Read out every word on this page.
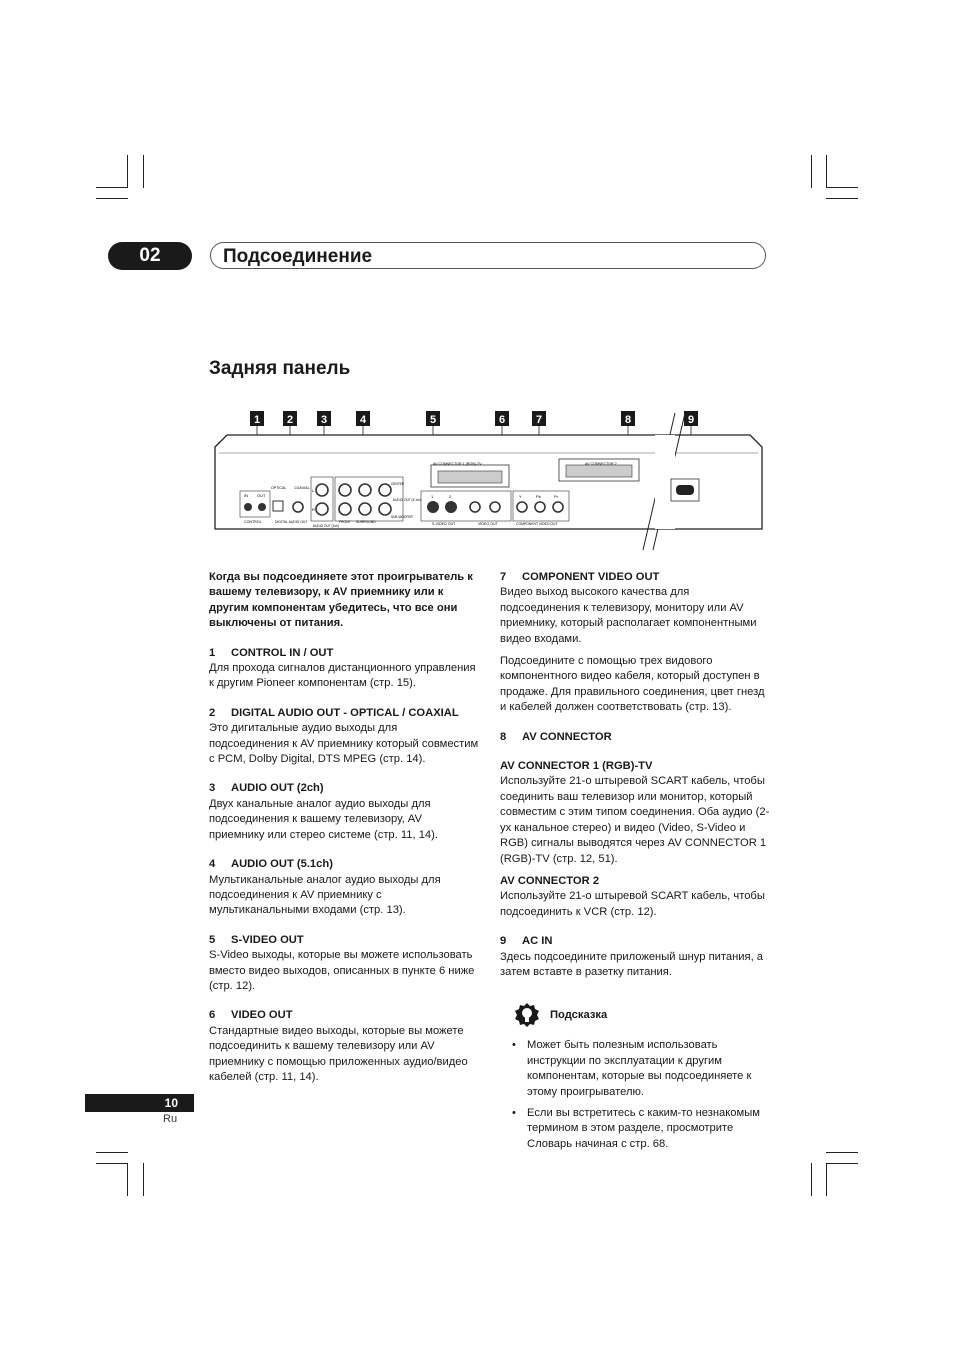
02	Подсоединение
Задняя панель
1 2	3	4	5	6	7	8	9
IN OUT
CONTROL
OPTICAL COAXIAL
DIGITAL AUDIO OUT
L
R
AUDIO OUT (2ch)
FRONT SURROUND
CENTER
SUB WOOFER
AUDIO OUT (5.1ch)
AV CONNECTOR 1 (RGB)-TV
1	2
S-VIDEO OUT	VIDEO OUT
Y	Pb	Pr
COMPONENT VIDEO OUT
AV CONNECTOR 2

Когда вы подсоединяете этот проигрыватель к вашему телевизору, к AV приемнику или к другим компонентам убедитесь, что все они выключены от питания.

1 CONTROL IN / OUT

Для прохода сигналов дистанционного управления к другим Pioneer компонентам (стр. 15).

2 DIGITAL AUDIO OUT - OPTICAL / COAXIAL

Это дигитальные аудио выходы для подсоединения к AV приемнику который совместим с PCM, Dolby Digital, DTS MPEG (стр. 14).

3 AUDIO OUT (2ch)

Двух канальные аналог аудио выходы для подсоединения к вашему телевизору, AV приемнику или стерео системе (стр. 11, 14).

4 AUDIO OUT (5.1ch)

Мультиканальные аналог аудио выходы для подсоединения к AV приемнику с мультиканальными входами (стр. 13).

5 S-VIDEO OUT

S-Video выходы, которые вы можете использовать вместо видео выходов, описанных в пункте 6 ниже (стр. 12).

6 VIDEO OUT

Стандартные видео выходы, которые вы можете подсоединить к вашему телевизору или AV приемнику с помощью приложенных аудио/видео кабелей (стр. 11, 14).

7 COMPONENT VIDEO OUT

Видео выход высокого качества для подсоединения к телевизору, монитору или AV приемнику, который располагает компонентными видео входами.

Подсоедините с помощью трех видового компонентного видео кабеля, который доступен в продаже. Для правильного соединения, цвет гнезд и кабелей должен соответствовать (стр. 13).

8 AV CONNECTOR
AV CONNECTOR 1 (RGB)-TV

Используйте 21-о штыревой SCART кабель, чтобы соединить ваш телевизор или монитор, который совместим с этим типом соединения. Оба аудио (2-ух канальное стерео) и видео (Video, S-Video и RGB) сигналы выводятся через AV CONNECTOR 1 (RGB)-TV (стр. 12, 51).

AV CONNECTOR 2

Используйте 21-о штыревой SCART кабель, чтобы подсоединить к VCR (стр. 12).

9 AC IN

Здесь подсоедините приложеный шнур питания, а затем вставте в разетку питания.

Подсказка
• Может быть полезным использовать инструкции по эксплуатации к другим компонентам, которые вы подсоединяете к этому проигрывателю.
• Если вы встретитесь с каким-то незнакомым термином в этом разделе, просмотрите Словарь начиная с стр. 68.
10
Ru
